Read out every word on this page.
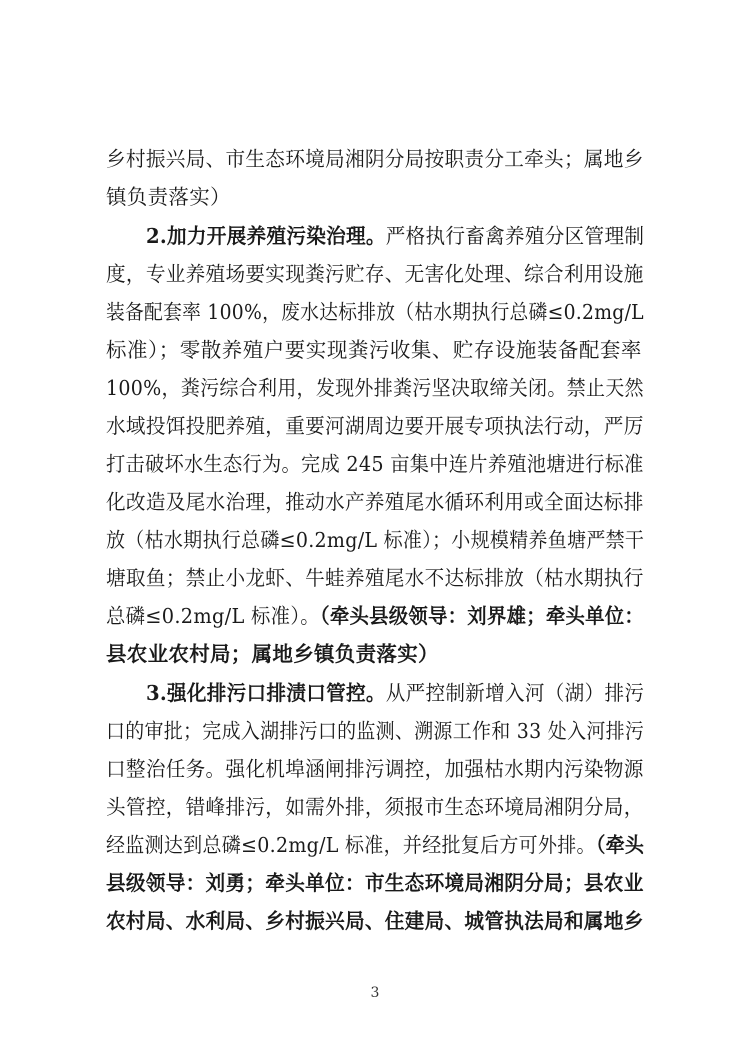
乡村振兴局、市生态环境局湘阴分局按职责分工牵头；属地乡
镇负责落实）
2.加力开展养殖污染治理。严格执行畜禽养殖分区管理制
度，专业养殖场要实现粪污贮存、无害化处理、综合利用设施
装备配套率 100%，废水达标排放（枯水期执行总磷≤0.2mg/L
标准）；零散养殖户要实现粪污收集、贮存设施装备配套率
100%，粪污综合利用，发现外排粪污坚决取缔关闭。禁止天然
水域投饵投肥养殖，重要河湖周边要开展专项执法行动，严厉
打击破坏水生态行为。完成 245 亩集中连片养殖池塘进行标准
化改造及尾水治理，推动水产养殖尾水循环利用或全面达标排
放（枯水期执行总磷≤0.2mg/L 标准）；小规模精养鱼塘严禁干
塘取鱼；禁止小龙虾、牛蛙养殖尾水不达标排放（枯水期执行
总磷≤0.2mg/L 标准）。（牵头县级领导：刘界雄；牵头单位：
县农业农村局；属地乡镇负责落实）
3.强化排污口排渍口管控。从严控制新增入河（湖）排污
口的审批；完成入湖排污口的监测、溯源工作和 33 处入河排污
口整治任务。强化机埠涵闸排污调控，加强枯水期内污染物源
头管控，错峰排污，如需外排，须报市生态环境局湘阴分局，
经监测达到总磷≤0.2mg/L 标准，并经批复后方可外排。（牵头
县级领导：刘勇；牵头单位：市生态环境局湘阴分局；县农业
农村局、水利局、乡村振兴局、住建局、城管执法局和属地乡
3
